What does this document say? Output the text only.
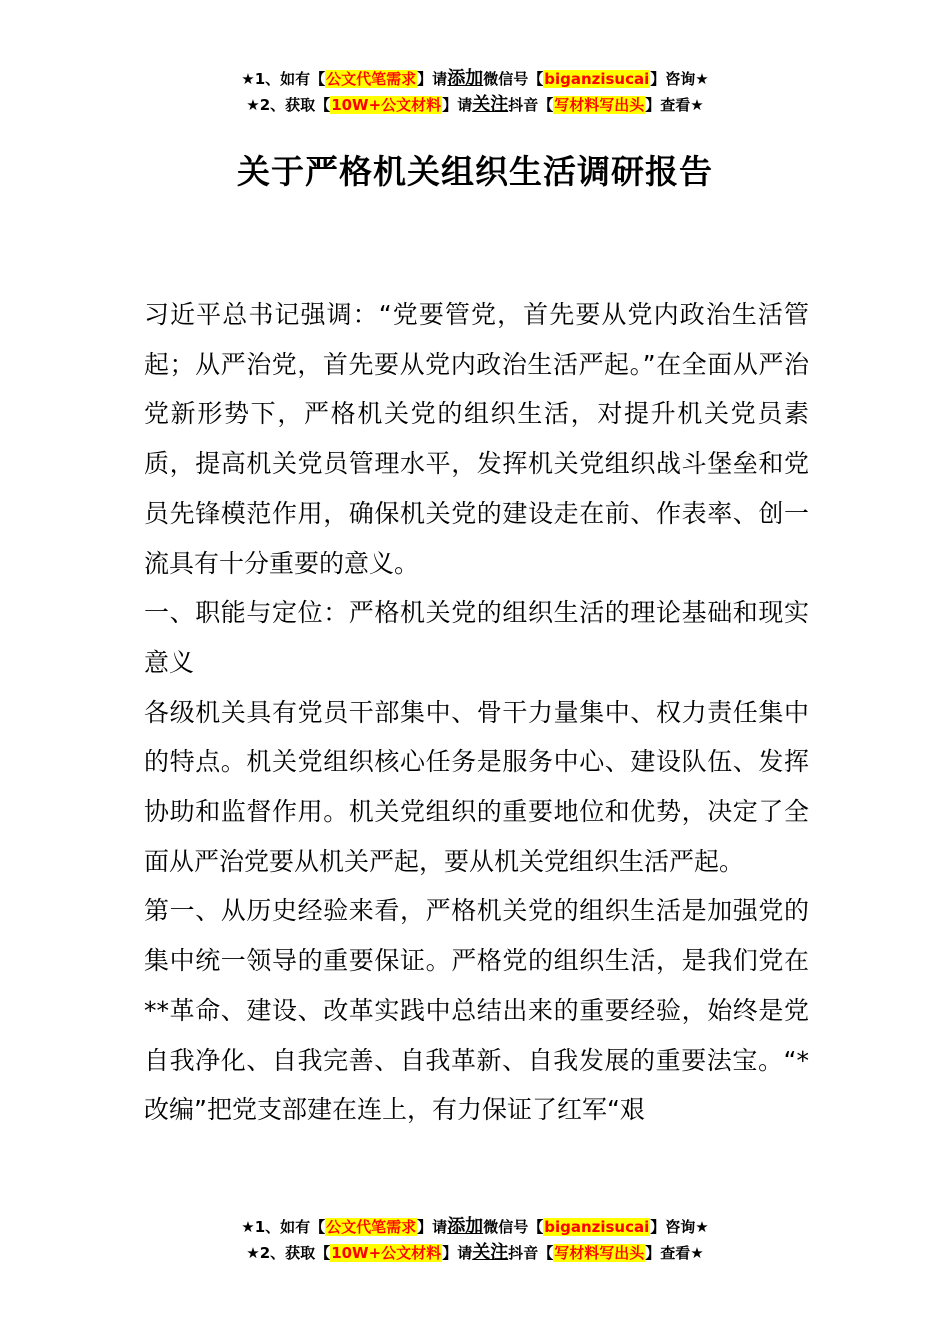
★1、如有【公文代笔需求】请添加微信号【biganzisucai】咨询★
★2、获取【10W+公文材料】请关注抖音【写材料写出头】查看★
关于严格机关组织生活调研报告

习近平总书记强调：“党要管党，首先要从党内政治生活管起；从严治党，首先要从党内政治生活严起。”在全面从严治党新形势下，严格机关党的组织生活，对提升机关党员素质，提高机关党员管理水平，发挥机关党组织战斗堡垒和党员先锋模范作用，确保机关党的建设走在前、作表率、创一流具有十分重要的意义。

一、职能与定位：严格机关党的组织生活的理论基础和现实意义

各级机关具有党员干部集中、骨干力量集中、权力责任集中的特点。机关党组织核心任务是服务中心、建设队伍、发挥协助和监督作用。机关党组织的重要地位和优势，决定了全面从严治党要从机关严起，要从机关党组织生活严起。

第一、从历史经验来看，严格机关党的组织生活是加强党的集中统一领导的重要保证。严格党的组织生活，是我们党在**革命、建设、改革实践中总结出来的重要经验，始终是党自我净化、自我完善、自我革新、自我发展的重要法宝。“*改编”把党支部建在连上，有力保证了红军“艰

★1、如有【公文代笔需求】请添加微信号【biganzisucai】咨询★
★2、获取【10W+公文材料】请关注抖音【写材料写出头】查看★
